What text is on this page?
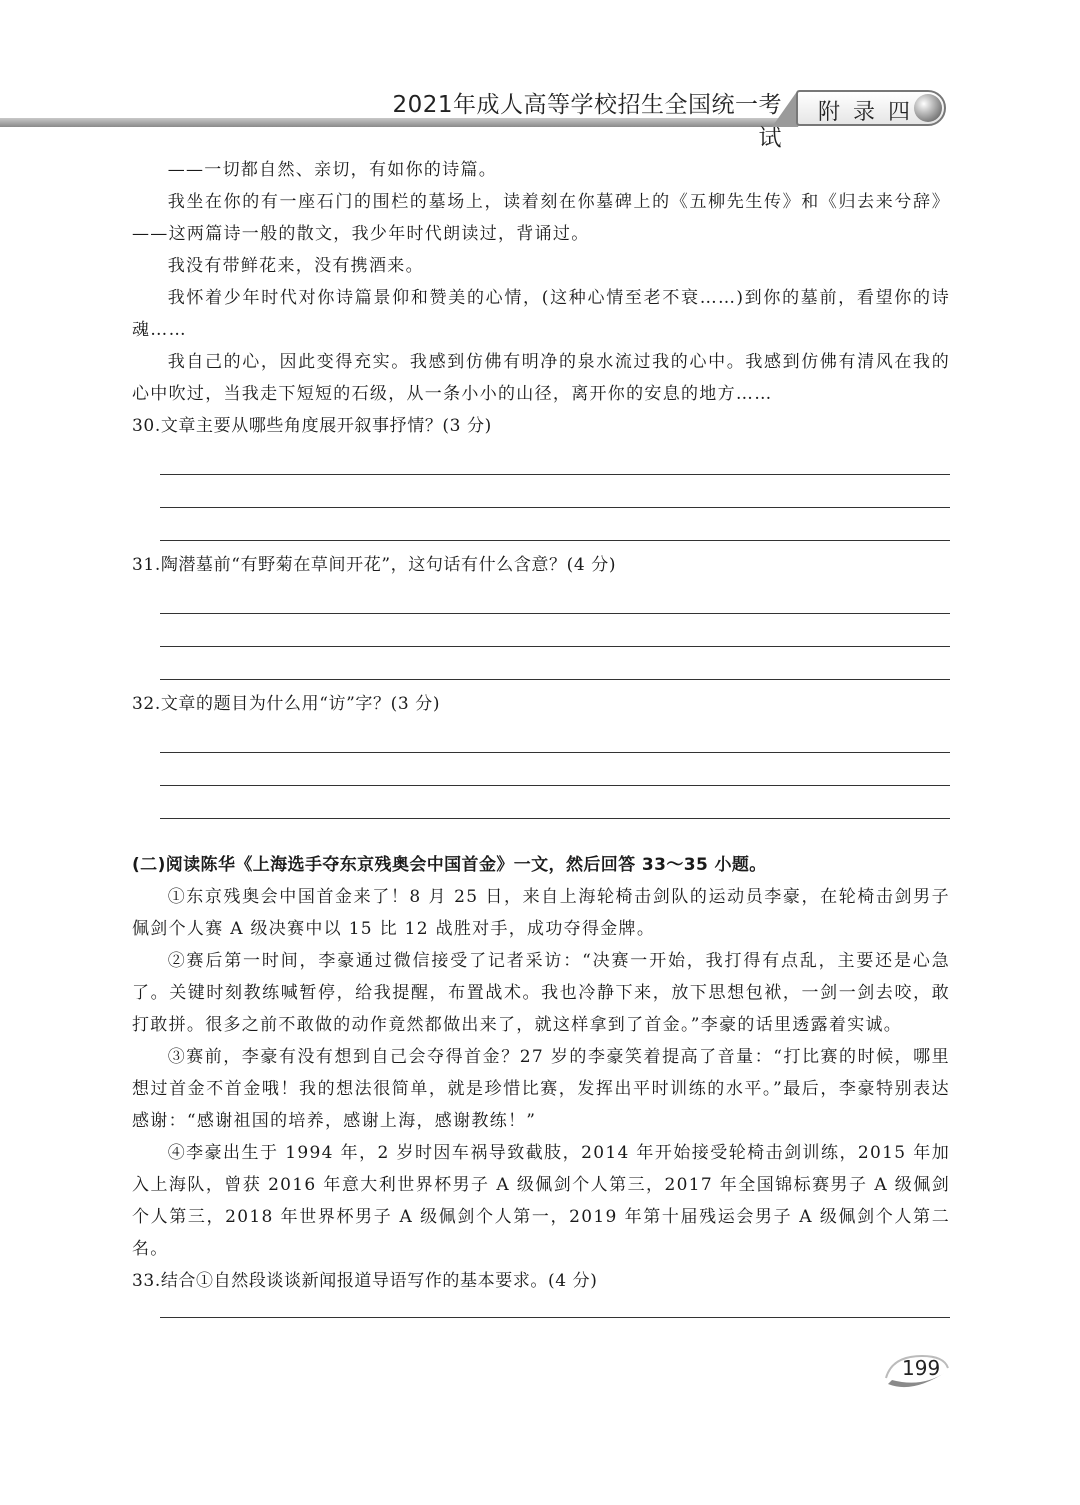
2021年成人高等学校招生全国统一考试
附 录 四

——一切都自然、亲切，有如你的诗篇。

我坐在你的有一座石门的围栏的墓场上，读着刻在你墓碑上的《五柳先生传》和《归去来兮辞》——这两篇诗一般的散文，我少年时代朗读过，背诵过。

我没有带鲜花来，没有携酒来。

我怀着少年时代对你诗篇景仰和赞美的心情，(这种心情至老不衰……)到你的墓前，看望你的诗魂……

我自己的心，因此变得充实。我感到仿佛有明净的泉水流过我的心中。我感到仿佛有清风在我的心中吹过，当我走下短短的石级，从一条小小的山径，离开你的安息的地方……

30.文章主要从哪些角度展开叙事抒情？(3 分)

31.陶潜墓前“有野菊在草间开花”，这句话有什么含意？(4 分)

32.文章的题目为什么用“访”字？(3 分)

(二)阅读陈华《上海选手夺东京残奥会中国首金》一文，然后回答 33～35 小题。

①东京残奥会中国首金来了！8 月 25 日，来自上海轮椅击剑队的运动员李豪，在轮椅击剑男子佩剑个人赛 A 级决赛中以 15 比 12 战胜对手，成功夺得金牌。

②赛后第一时间，李豪通过微信接受了记者采访：“决赛一开始，我打得有点乱，主要还是心急了。关键时刻教练喊暂停，给我提醒，布置战术。我也冷静下来，放下思想包袱，一剑一剑去咬，敢打敢拼。很多之前不敢做的动作竟然都做出来了，就这样拿到了首金。”李豪的话里透露着实诚。

③赛前，李豪有没有想到自己会夺得首金？27 岁的李豪笑着提高了音量：“打比赛的时候，哪里想过首金不首金哦！我的想法很简单，就是珍惜比赛，发挥出平时训练的水平。”最后，李豪特别表达感谢：“感谢祖国的培养，感谢上海，感谢教练！”

④李豪出生于 1994 年，2 岁时因车祸导致截肢，2014 年开始接受轮椅击剑训练，2015 年加入上海队，曾获 2016 年意大利世界杯男子 A 级佩剑个人第三，2017 年全国锦标赛男子 A 级佩剑个人第三，2018 年世界杯男子 A 级佩剑个人第一，2019 年第十届残运会男子 A 级佩剑个人第二名。

33.结合①自然段谈谈新闻报道导语写作的基本要求。(4 分)

199
